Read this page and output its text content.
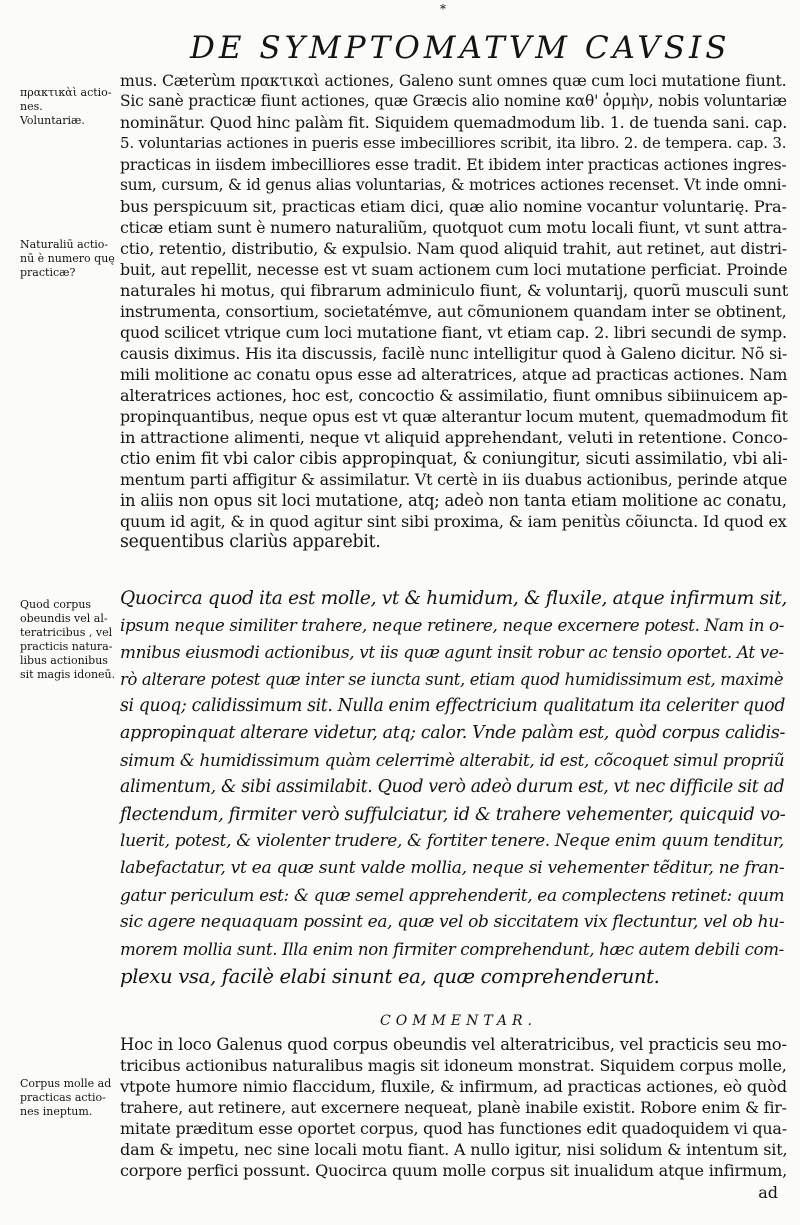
*
DE SYMPTOMATVM CAVSIS
πρακτικὰὶ actio-
nes.
Voluntariæ.
Naturaliū actio-
nū è numero quę
practicæ?
Quod corpus
obeundis vel al-
teratricibus , vel
practicis natura-
libus actionibus
sit magis idoneū.
Corpus molle ad
practicas actio-
nes ineptum.
mus. Cæterùm πρακτικαὶ actiones, Galeno sunt omnes quæ cum loci mutatione fiunt.
Sic sanè practicæ fiunt actiones, quæ Græcis alio nomine καθ' ὁρμὴν, nobis voluntariæ
nominãtur. Quod hinc palàm fit. Siquidem quemadmodum lib. 1. de tuenda sani. cap.
5. voluntarias actiones in pueris esse imbecilliores scribit, ita libro. 2. de tempera. cap. 3.
practicas in iisdem imbecilliores esse tradit. Et ibidem inter practicas actiones ingres-
sum, cursum, & id genus alias voluntarias, & motrices actiones recenset. Vt inde omni-
bus perspicuum sit, practicas etiam dici, quæ alio nomine vocantur voluntarię. Pra-
cticæ etiam sunt è numero naturaliũm, quotquot cum motu locali fiunt, vt sunt attra-
ctio, retentio, distributio, & expulsio. Nam quod aliquid trahit, aut retinet, aut distri-
buit, aut repellit, necesse est vt suam actionem cum loci mutatione perficiat. Proinde
naturales hi motus, qui fibrarum adminiculo fiunt, & voluntarij, quorũ musculi sunt
instrumenta, consortium, societatémve, aut cõmunionem quandam inter se obtinent,
quod scilicet vtrique cum loci mutatione fiant, vt etiam cap. 2. libri secundi de symp.
causis diximus. His ita discussis, facilè nunc intelligitur quod à Galeno dicitur. Nõ si-
mili molitione ac conatu opus esse ad alteratrices, atque ad practicas actiones. Nam
alteratrices actiones, hoc est, concoctio & assimilatio, fiunt omnibus sibiinuicem ap-
propinquantibus, neque opus est vt quæ alterantur locum mutent, quemadmodum fit
in attractione alimenti, neque vt aliquid apprehendant, veluti in retentione. Conco-
ctio enim fit vbi calor cibis appropinquat, & coniungitur, sicuti assimilatio, vbi ali-
mentum parti affigitur & assimilatur. Vt certè in iis duabus actionibus, perinde atque
in aliis non opus sit loci mutatione, atq; adeò non tanta etiam molitione ac conatu,
quum id agit, & in quod agitur sint sibi proxima, & iam penitùs cõiuncta. Id quod ex
sequentibus clariùs apparebit.
Quocirca quod ita est molle, vt & humidum, & fluxile, atque infirmum sit,
ipsum neque similiter trahere, neque retinere, neque excernere potest. Nam in o-
mnibus eiusmodi actionibus, vt iis quæ agunt insit robur ac tensio oportet. At ve-
rò alterare potest quæ inter se iuncta sunt, etiam quod humidissimum est, maximè
si quoq; calidissimum sit. Nulla enim effectricium qualitatum ita celeriter quod
appropinquat alterare videtur, atq; calor. Vnde palàm est, quòd corpus calidis-
simum & humidissimum quàm celerrimè alterabit, id est, cõcoquet simul propriũ
alimentum, & sibi assimilabit. Quod verò adeò durum est, vt nec difficile sit ad
flectendum, firmiter verò suffulciatur, id & trahere vehementer, quicquid vo-
luerit, potest, & violenter trudere, & fortiter tenere. Neque enim quum tenditur,
labefactatur, vt ea quæ sunt valde mollia, neque si vehementer tẽditur, ne fran-
gatur periculum est: & quæ semel apprehenderit, ea complectens retinet: quum
sic agere nequaquam possint ea, quæ vel ob siccitatem vix flectuntur, vel ob hu-
morem mollia sunt. Illa enim non firmiter comprehendunt, hæc autem debili com-
plexu vsa, facilè elabi sinunt ea, quæ comprehenderunt.
COMMENTAR.
Hoc in loco Galenus quod corpus obeundis vel alteratricibus, vel practicis seu mo-
tricibus actionibus naturalibus magis sit idoneum monstrat. Siquidem corpus molle,
vtpote humore nimio flaccidum, fluxile, & infirmum, ad practicas actiones, eò quòd
trahere, aut retinere, aut excernere nequeat, planè inabile existit. Robore enim & fir-
mitate præditum esse oportet corpus, quod has functiones edit quadoquidem vi qua-
dam & impetu, nec sine locali motu fiant. A nullo igitur, nisi solidum & intentum sit,
corpore perfici possunt. Quocirca quum molle corpus sit inualidum atque infirmum,
ad
